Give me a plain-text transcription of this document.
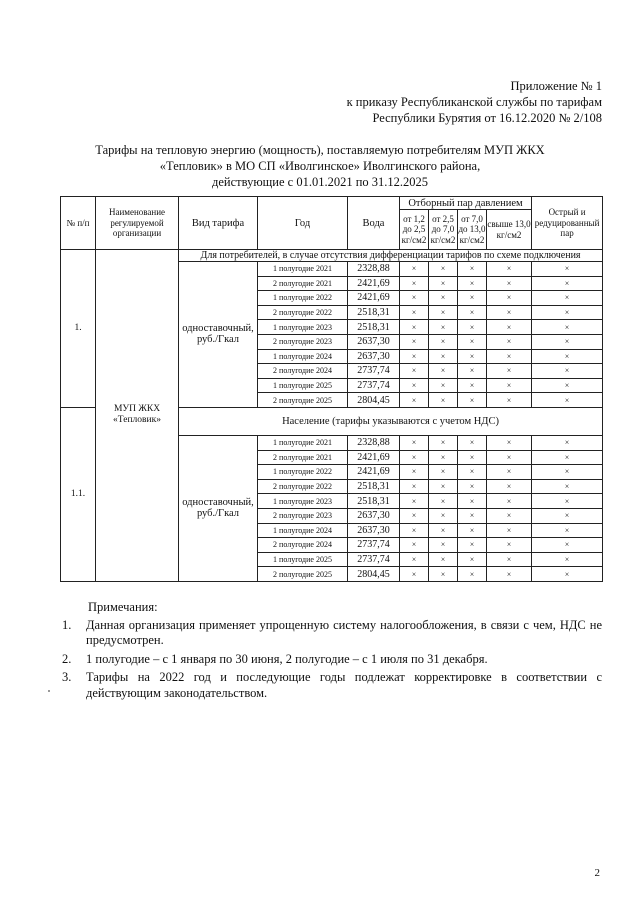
Приложение № 1
к приказу Республиканской службы по тарифам
Республики Бурятия от 16.12.2020 № 2/108
Тарифы на тепловую энергию (мощность), поставляемую потребителям МУП ЖКХ
«Тепловик» в МО СП «Иволгинское» Иволгинского района,
действующие с 01.01.2021 по 31.12.2025
№ п/п	Наименование регулируемой организации	Вид тарифа	Год	Вода	Отборный пар давлением				Острый и редуцированный пар
					от 1,2 до 2,5 кг/см2	от 2,5 до 7,0 кг/см2	от 7,0 до 13,0 кг/см2	свыше 13,0 кг/см2	
1.	МУП ЖКХ «Тепловик»	Для потребителей, в случае отсутствия дифференциации тарифов по схеме подключения							
		одноставочный, руб./Гкал	1 полугодие 2021	2328,88	×	×	×	×	×
			2 полугодие 2021	2421,69	×	×	×	×	×
			1 полугодие 2022	2421,69	×	×	×	×	×
			2 полугодие 2022	2518,31	×	×	×	×	×
			1 полугодие 2023	2518,31	×	×	×	×	×
			2 полугодие 2023	2637,30	×	×	×	×	×
			1 полугодие 2024	2637,30	×	×	×	×	×
			2 полугодие 2024	2737,74	×	×	×	×	×
			1 полугодие 2025	2737,74	×	×	×	×	×
			2 полугодие 2025	2804,45	×	×	×	×	×
1.1.		Население (тарифы указываются с учетом НДС)							
		одноставочный, руб./Гкал	1 полугодие 2021	2328,88	×	×	×	×	×
			2 полугодие 2021	2421,69	×	×	×	×	×
			1 полугодие 2022	2421,69	×	×	×	×	×
			2 полугодие 2022	2518,31	×	×	×	×	×
			1 полугодие 2023	2518,31	×	×	×	×	×
			2 полугодие 2023	2637,30	×	×	×	×	×
			1 полугодие 2024	2637,30	×	×	×	×	×
			2 полугодие 2024	2737,74	×	×	×	×	×
			1 полугодие 2025	2737,74	×	×	×	×	×
			2 полугодие 2025	2804,45	×	×	×	×	×
Примечания:
1.	Данная организация применяет упрощенную систему налогообложения, в связи с чем, НДС не предусмотрен.
2.	1 полугодие – с 1 января по 30 июня, 2 полугодие – с 1 июля по 31 декабря.
3.	Тарифы на 2022 год и последующие годы подлежат корректировке в соответствии с действующим законодательством.
2
